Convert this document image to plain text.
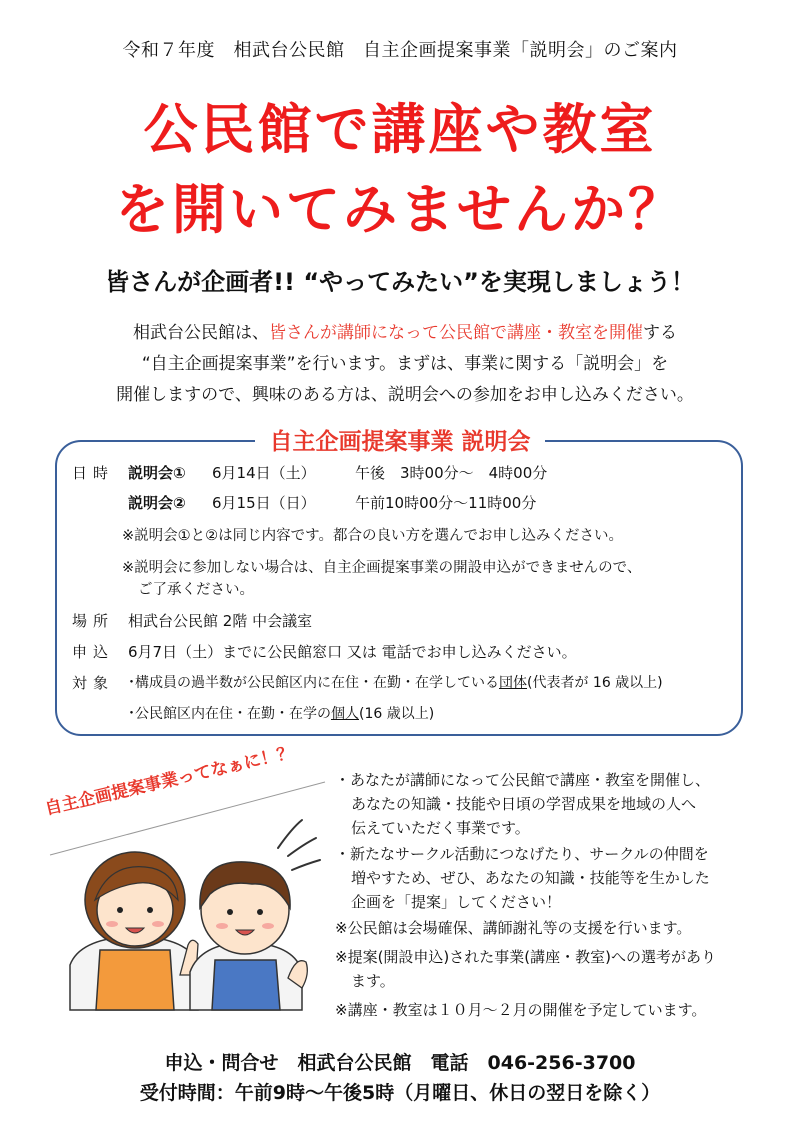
令和７年度　相武台公民館　自主企画提案事業「説明会」のご案内
公民館で講座や教室
を開いてみませんか？
皆さんが企画者!! “やってみたい”を実現しましょう！
相武台公民館は、皆さんが講師になって公民館で講座・教室を開催する
“自主企画提案事業”を行います。まずは、事業に関する「説明会」を
開催しますので、興味のある方は、説明会への参加をお申し込みください。
自主企画提案事業 説明会
日時 説明会① 6月14日（土）	午後　3時00分～　4時00分
説明会② 6月15日（日）	午前10時00分～11時00分
※説明会①と②は同じ内容です。都合の良い方を選んでお申し込みください。
※説明会に参加しない場合は、自主企画提案事業の開設申込ができませんので、
ご了承ください。
場所 相武台公民館 2階 中会議室
申込 6月7日（土）までに公民館窓口 又は 電話でお申し込みください。
対象 ･構成員の過半数が公民館区内に在住・在勤・在学している団体(代表者が 16 歳以上)
･公民館区内在住・在勤・在学の個人(16 歳以上)
自主企画提案事業ってなぁに！？	・あなたが講師になって公民館で講座・教室を開催し、
あなたの知識・技能や日頃の学習成果を地域の人へ
伝えていただく事業です。
・新たなサークル活動につなげたり、サークルの仲間を
増やすため、ぜひ、あなたの知識・技能等を生かした
企画を「提案」してください！
※公民館は会場確保、講師謝礼等の支援を行います。
※提案(開設申込)された事業(講座・教室)への選考があり
ます。
※講座・教室は１０月～２月の開催を予定しています。
申込・問合せ　相武台公民館　電話　046-256-3700
受付時間：午前9時～午後5時（月曜日、休日の翌日を除く）
